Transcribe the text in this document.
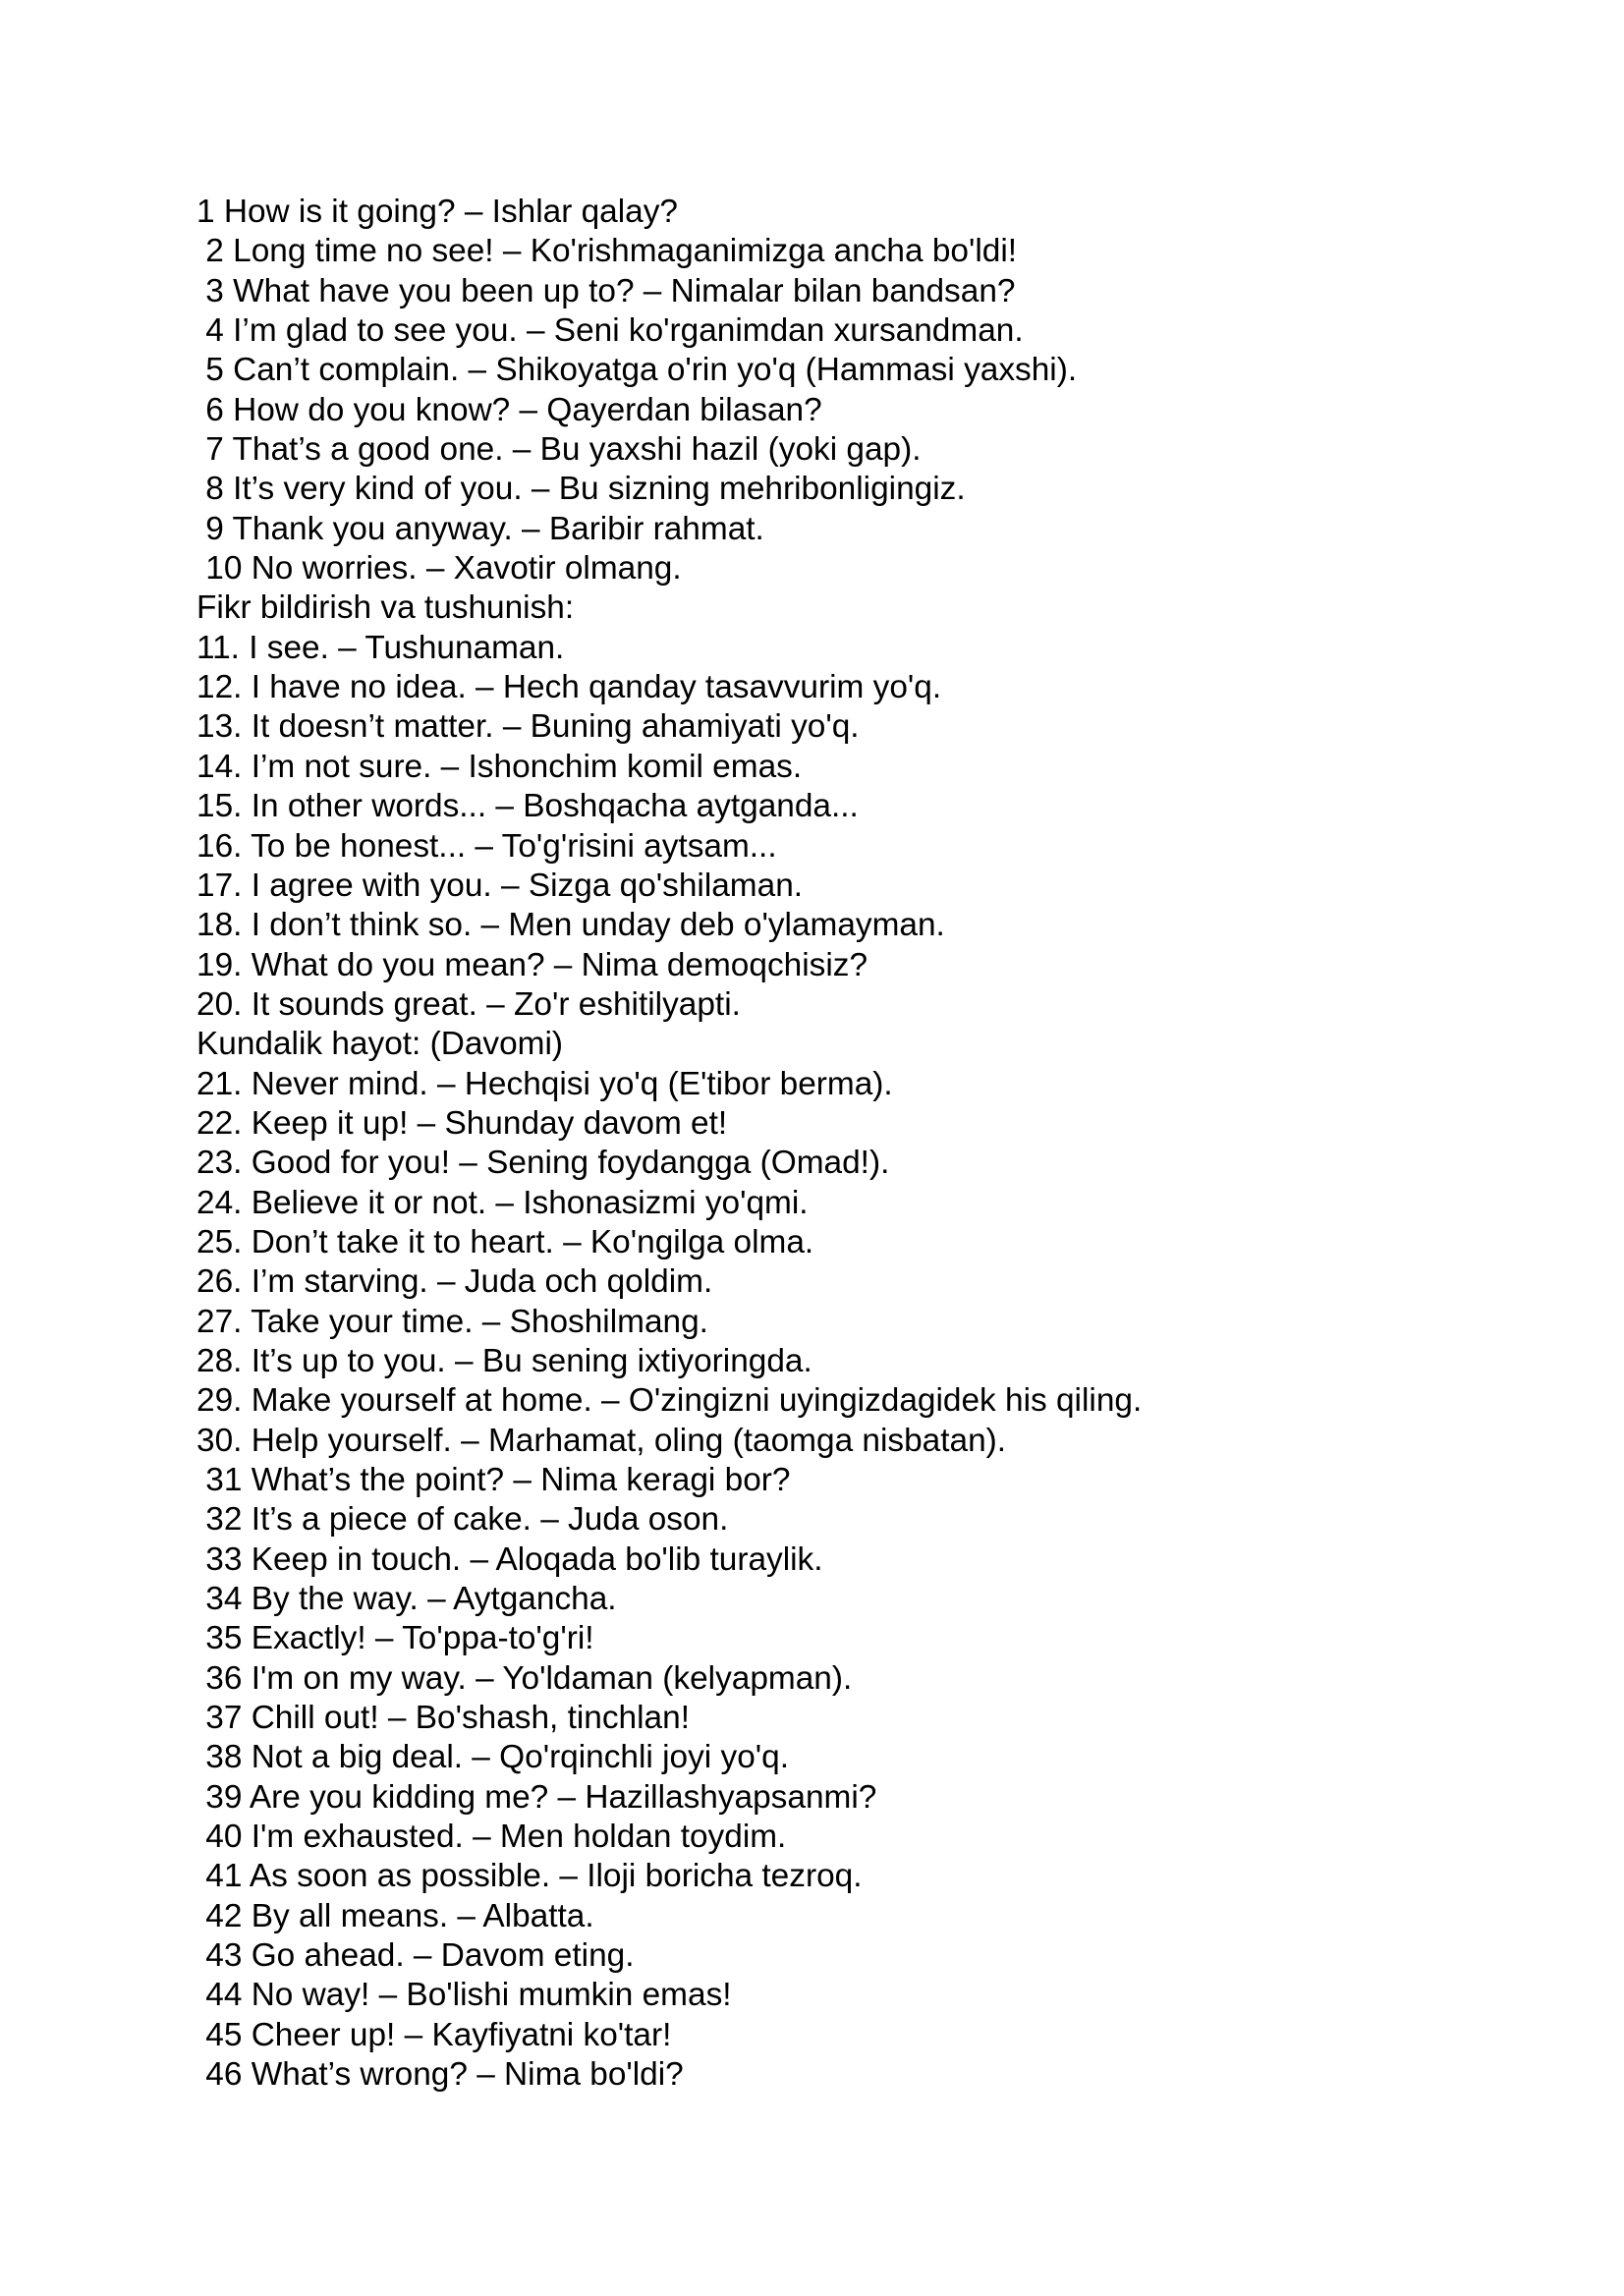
1 How is it going? – Ishlar qalay?
2 Long time no see! – Ko'rishmaganimizga ancha bo'ldi!
3 What have you been up to? – Nimalar bilan bandsan?
4 I’m glad to see you. – Seni ko'rganimdan xursandman.
5 Can’t complain. – Shikoyatga o'rin yo'q (Hammasi yaxshi).
6 How do you know? – Qayerdan bilasan?
7 That’s a good one. – Bu yaxshi hazil (yoki gap).
8 It’s very kind of you. – Bu sizning mehribonligingiz.
9 Thank you anyway. – Baribir rahmat.
10 No worries. – Xavotir olmang.
Fikr bildirish va tushunish:
11. I see. – Tushunaman.
12. I have no idea. – Hech qanday tasavvurim yo'q.
13. It doesn’t matter. – Buning ahamiyati yo'q.
14. I’m not sure. – Ishonchim komil emas.
15. In other words... – Boshqacha aytganda...
16. To be honest... – To'g'risini aytsam...
17. I agree with you. – Sizga qo'shilaman.
18. I don’t think so. – Men unday deb o'ylamayman.
19. What do you mean? – Nima demoqchisiz?
20. It sounds great. – Zo'r eshitilyapti.
Kundalik hayot: (Davomi)
21. Never mind. – Hechqisi yo'q (E'tibor berma).
22. Keep it up! – Shunday davom et!
23. Good for you! – Sening foydangga (Omad!).
24. Believe it or not. – Ishonasizmi yo'qmi.
25. Don’t take it to heart. – Ko'ngilga olma.
26. I’m starving. – Juda och qoldim.
27. Take your time. – Shoshilmang.
28. It’s up to you. – Bu sening ixtiyoringda.
29. Make yourself at home. – O'zingizni uyingizdagidek his qiling.
30. Help yourself. – Marhamat, oling (taomga nisbatan).
31 What’s the point? – Nima keragi bor?
32 It’s a piece of cake. – Juda oson.
33 Keep in touch. – Aloqada bo'lib turaylik.
34 By the way. – Aytgancha.
35 Exactly! – To'ppa-to'g'ri!
36 I'm on my way. – Yo'ldaman (kelyapman).
37 Chill out! – Bo'shash, tinchlan!
38 Not a big deal. – Qo'rqinchli joyi yo'q.
39 Are you kidding me? – Hazillashyapsanmi?
40 I'm exhausted. – Men holdan toydim.
41 As soon as possible. – Iloji boricha tezroq.
42 By all means. – Albatta.
43 Go ahead. – Davom eting.
44 No way! – Bo'lishi mumkin emas!
45 Cheer up! – Kayfiyatni ko'tar!
46 What’s wrong? – Nima bo'ldi?
